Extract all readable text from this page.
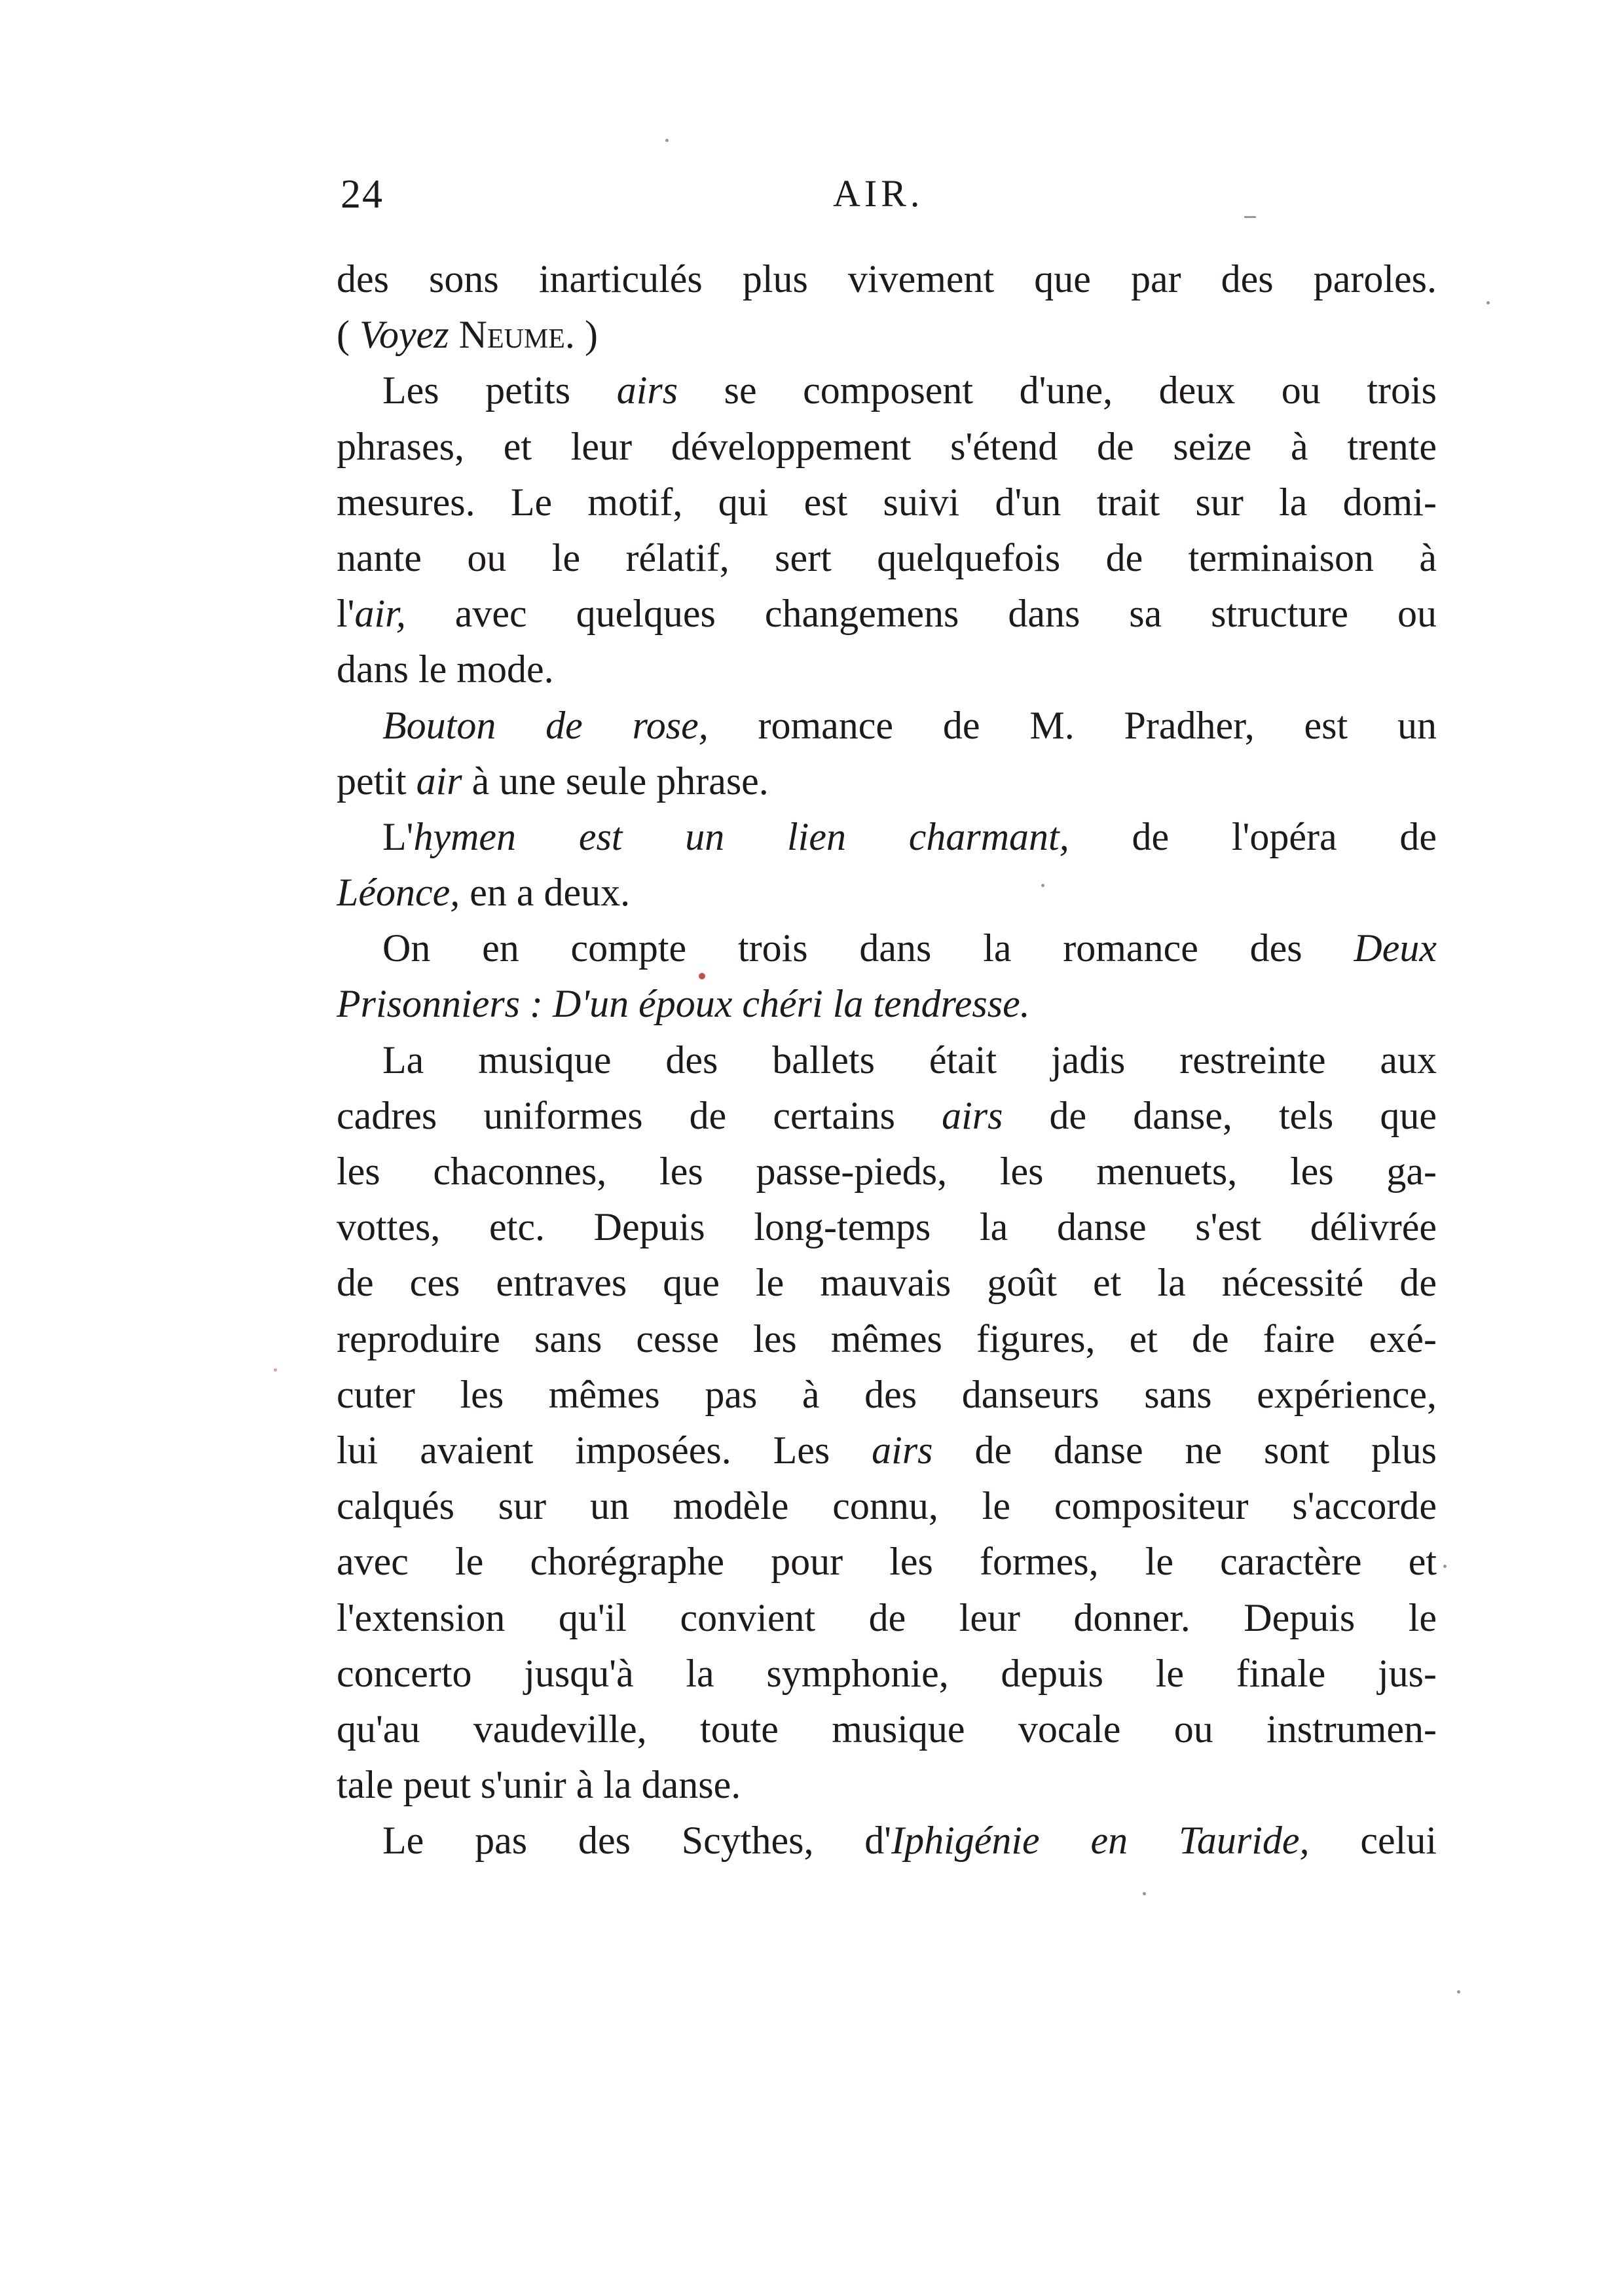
24	AIR.
des sons inarticulés plus vivement que par des paroles.
( Voyez Neume. )
Les petits airs se composent d'une, deux ou trois
phrases, et leur développement s'étend de seize à trente
mesures. Le motif, qui est suivi d'un trait sur la domi-
nante ou le rélatif, sert quelquefois de terminaison à
l'air, avec quelques changemens dans sa structure ou
dans le mode.
Bouton de rose, romance de M. Pradher, est un
petit air à une seule phrase.
L'hymen est un lien charmant, de l'opéra de
Léonce, en a deux.
On en compte trois dans la romance des Deux
Prisonniers : D'un époux chéri la tendresse.
La musique des ballets était jadis restreinte aux
cadres uniformes de certains airs de danse, tels que
les chaconnes, les passe-pieds, les menuets, les ga-
vottes, etc. Depuis long-temps la danse s'est délivrée
de ces entraves que le mauvais goût et la nécessité de
reproduire sans cesse les mêmes figures, et de faire exé-
cuter les mêmes pas à des danseurs sans expérience,
lui avaient imposées. Les airs de danse ne sont plus
calqués sur un modèle connu, le compositeur s'accorde
avec le chorégraphe pour les formes, le caractère et
l'extension qu'il convient de leur donner. Depuis le
concerto jusqu'à la symphonie, depuis le finale jus-
qu'au vaudeville, toute musique vocale ou instrumen-
tale peut s'unir à la danse.
Le pas des Scythes, d'Iphigénie en Tauride, celui
